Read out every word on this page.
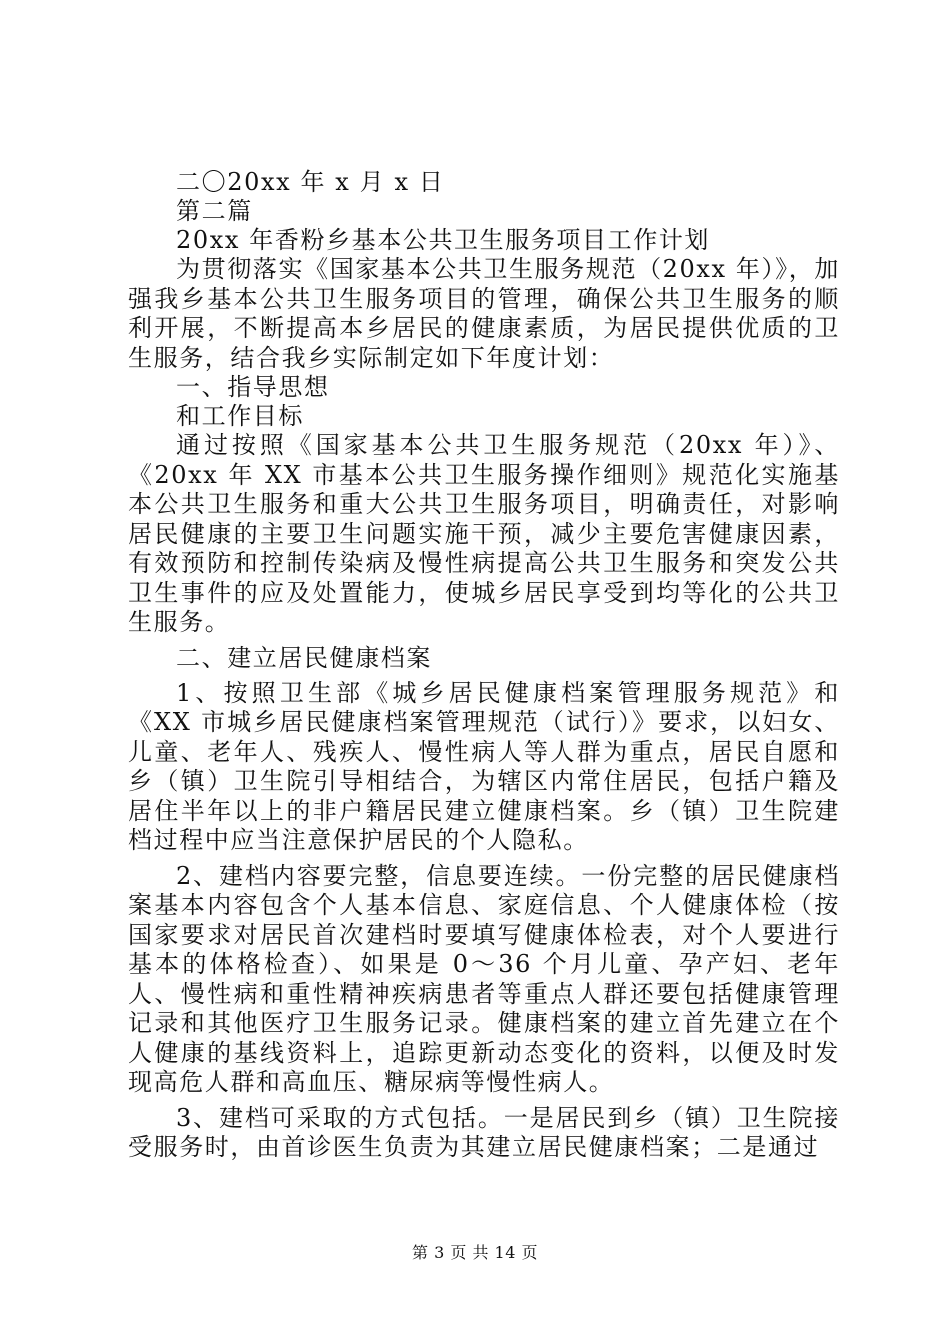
二〇20xx 年 x 月 x 日
第二篇
20xx 年香粉乡基本公共卫生服务项目工作计划

为贯彻落实《国家基本公共卫生服务规范（20xx 年）》，加强我乡基本公共卫生服务项目的管理，确保公共卫生服务的顺利开展，不断提高本乡居民的健康素质，为居民提供优质的卫生服务，结合我乡实际制定如下年度计划：

一、指导思想
和工作目标

通过按照《国家基本公共卫生服务规范（20xx 年）》、《20xx 年 XX 市基本公共卫生服务操作细则》规范化实施基本公共卫生服务和重大公共卫生服务项目，明确责任，对影响居民健康的主要卫生问题实施干预，减少主要危害健康因素，有效预防和控制传染病及慢性病提高公共卫生服务和突发公共卫生事件的应及处置能力，使城乡居民享受到均等化的公共卫生服务。

二、建立居民健康档案

1、按照卫生部《城乡居民健康档案管理服务规范》和《XX 市城乡居民健康档案管理规范（试行）》要求，以妇女、儿童、老年人、残疾人、慢性病人等人群为重点，居民自愿和乡（镇）卫生院引导相结合，为辖区内常住居民，包括户籍及居住半年以上的非户籍居民建立健康档案。乡（镇）卫生院建档过程中应当注意保护居民的个人隐私。

2、建档内容要完整，信息要连续。一份完整的居民健康档案基本内容包含个人基本信息、家庭信息、个人健康体检（按国家要求对居民首次建档时要填写健康体检表，对个人要进行基本的体格检查）、如果是 0～36 个月儿童、孕产妇、老年人、慢性病和重性精神疾病患者等重点人群还要包括健康管理记录和其他医疗卫生服务记录。健康档案的建立首先建立在个人健康的基线资料上，追踪更新动态变化的资料，以便及时发现高危人群和高血压、糖尿病等慢性病人。

3、建档可采取的方式包括。一是居民到乡（镇）卫生院接受服务时，由首诊医生负责为其建立居民健康档案；二是通过

第 3 页 共 14 页
